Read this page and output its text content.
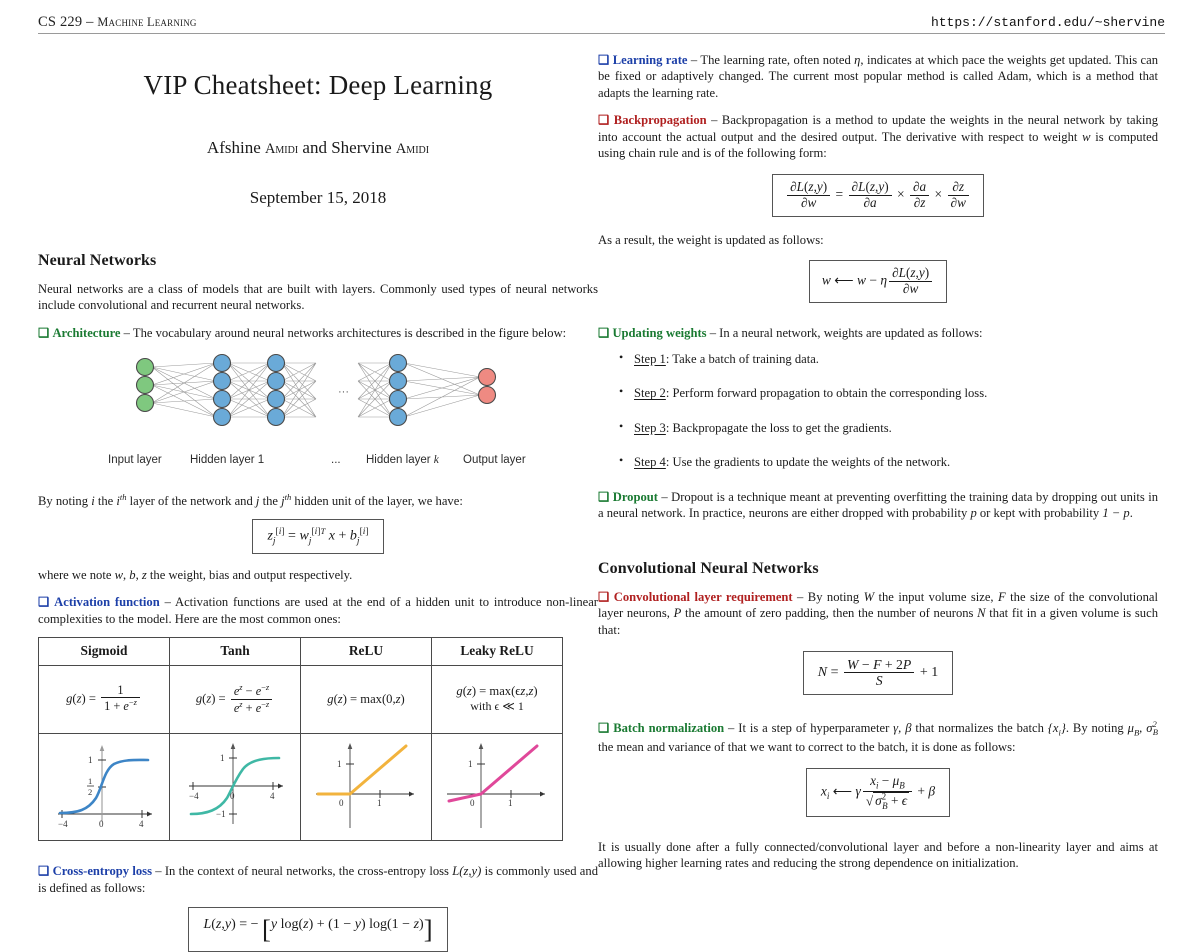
CS 229 – Machine Learning	https://stanford.edu/~shervine
VIP Cheatsheet: Deep Learning
Afshine Amidi and Shervine Amidi
September 15, 2018
Neural Networks

Neural networks are a class of models that are built with layers. Commonly used types of neural networks include convolutional and recurrent neural networks.

❑ Architecture – The vocabulary around neural networks architectures is described in the figure below:

···
Input layer Hidden layer 1	... Hidden layer k Output layer

By noting i the $i^{th}$ layer of the network and j the $j^{th}$ hidden unit of the layer, we have:

$z_j[i] = w_j^{[i]T}$ $x + b_j[i]$

where we note w, b, z the weight, bias and output respectively.

❑ Activation function – Activation functions are used at the end of a hidden unit to introduce non-linear complexities to the model. Here are the most common ones:

Sigmoid	Tanh	ReLU	Leaky ReLU
$g(z) = \frac{1}{1 + e^{-z}}$	$g(z) = \frac{e^z - e^{-z}}{e^z + e^{-z}}$	g(z) = max(0,z)	g(z) = max(ϵz,z)
with ϵ ≪ 1

−4	0	4
1
1
2	−4	0	4
1
−1

0	1
1

0	1
1

❑ Cross-entropy loss – In the context of neural networks, the cross-entropy loss L(z,y) is commonly used and is defined as follows:

L(z,y) = − [y log(z) + (1 − y) log(1 − z)]

❑ Learning rate – The learning rate, often noted η, indicates at which pace the weights get updated. This can be fixed or adaptively changed. The current most popular method is called Adam, which is a method that adapts the learning rate.

❑ Backpropagation – Backpropagation is a method to update the weights in the neural network by taking into account the actual output and the desired output. The derivative with respect to weight w is computed using chain rule and is of the following form:

$\frac{\partial L(z,y)}{\partial w} = \frac{\partial L(z,y)}{\partial a} \times \frac{\partial a}{\partial z} \times \frac{\partial z}{\partial w}$

As a result, the weight is updated as follows:

w ⟵ w − η $\frac{\partial L(z,y)}{\partial w}$

❑ Updating weights – In a neural network, weights are updated as follows:

• Step 1: Take a batch of training data.
• Step 2: Perform forward propagation to obtain the corresponding loss.
• Step 3: Backpropagate the loss to get the gradients.
• Step 4: Use the gradients to update the weights of the network.

❑ Dropout – Dropout is a technique meant at preventing overfitting the training data by dropping out units in a neural network. In practice, neurons are either dropped with probability p or kept with probability 1 − p.

Convolutional Neural Networks

❑ Convolutional layer requirement – By noting W the input volume size, F the size of the convolutional layer neurons, P the amount of zero padding, then the number of neurons N that fit in a given volume is such that:

$N = \frac{W - F + 2P}{S} + 1$

❑ Batch normalization – It is a step of hyperparameter γ, β that normalizes the batch $\{x_i\}$. By noting $\mu_B$, $\sigma^2_B$ the mean and variance of that we want to correct to the batch, it is done as follows:

$x_i$ ⟵ γ $\frac{x_i - \mu_B}{√ \sigma^2_B + \epsilon} + \beta$

It is usually done after a fully connected/convolutional layer and before a non-linearity layer and aims at allowing higher learning rates and reducing the strong dependence on initialization.
